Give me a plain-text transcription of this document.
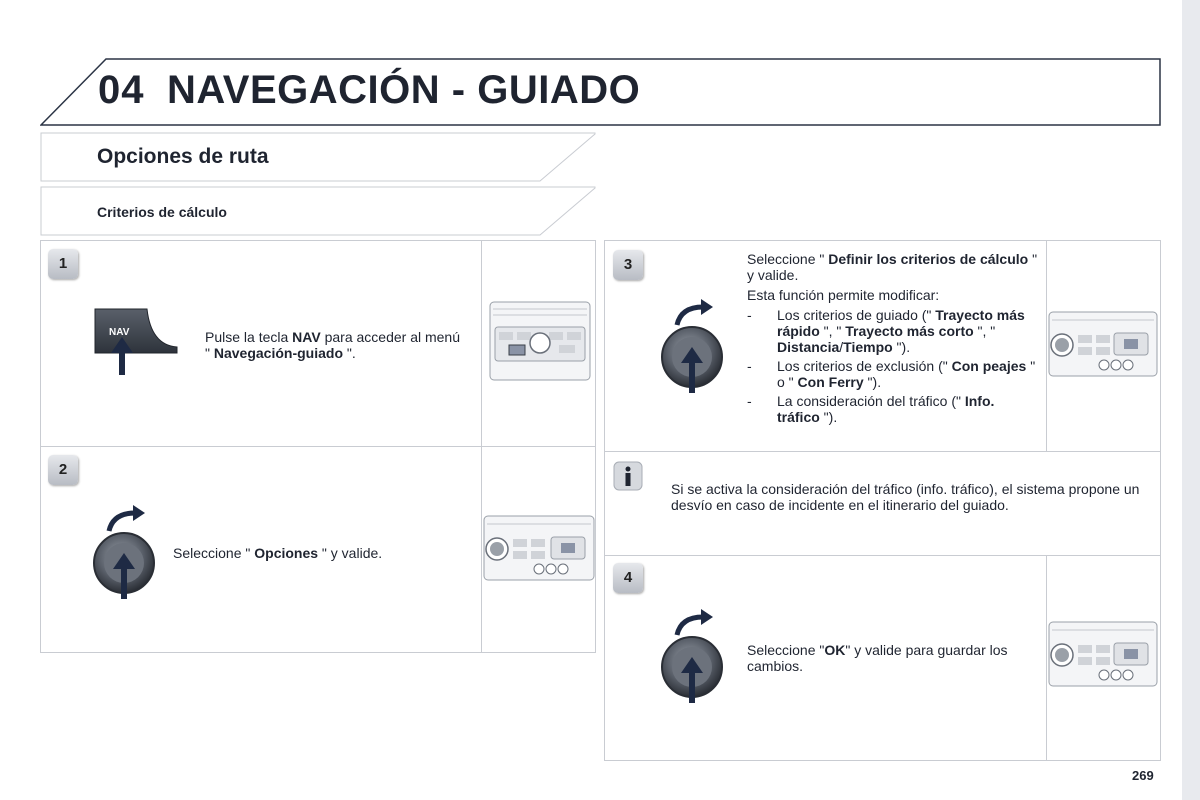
04 NAVEGACIÓN - GUIADO
Opciones de ruta
Criterios de cálculo
1
NAV	Pulse la tecla NAV para acceder al menú " Navegación-guiado ".
2
Seleccione " Opciones " y valide.
3	Seleccione " Definir los criterios de cálculo " y valide.

Esta función permite modificar:

- Los criterios de guiado (" Trayecto más rápido ", " Trayecto más corto ", " Distancia/Tiempo ").
- Los criterios de exclusión (" Con peajes " o " Con Ferry ").
- La consideración del tráfico (" Info. tráfico ").
Si se activa la consideración del tráfico (info. tráfico), el sistema propone un desvío en caso de incidente en el itinerario del guiado.
4
Seleccione "OK" y valide para guardar los cambios.
269
